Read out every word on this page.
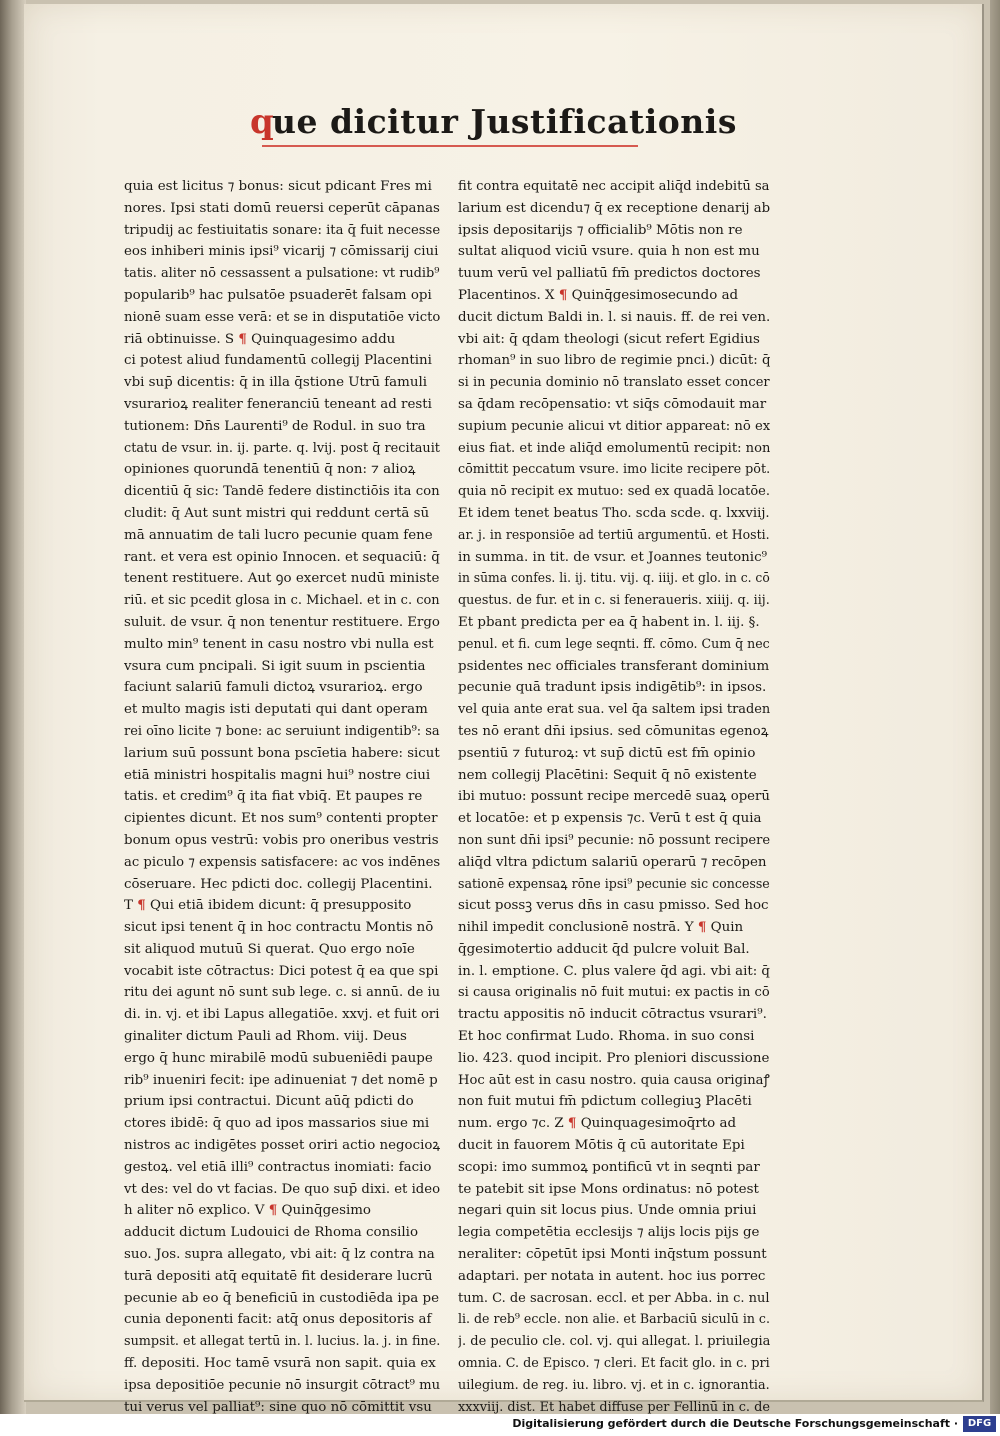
q
ue dicitur Justificationis
quia est licitus ⁊ bonus: sicut pdicant Fres mi
nores. Ipsi stati domū reuersi ceperūt cāpanas
tripudij ac festiuitatis sonare: ita q̄ fuit necesse
eos inhiberi minis ipsi⁹ vicarij ⁊ cōmissarij ciui
tatis. aliter nō cessassent a pulsatione: vt rudib⁹
popularib⁹ hac pulsatōe psuaderēt falsam opi
nionē suam esse verā: et se in disputatiōe victo
riā obtinuisse. S ¶ Quinquagesimo addu
ci potest aliud fundamentū collegij Placentini
vbi sup̄ dicentis: q̄ in illa q̄stione Utrū famuli
vsurarioꝝ realiter feneranciū teneant ad resti
tutionem: Dn̄s Laurenti⁹ de Rodul. in suo tra
ctatu de vsur. in. ij. parte. q. lvij. post q̄ recitauit
opiniones quorundā tenentiū q̄ non: ⁊ alioꝝ
dicentiū q̄ sic: Tandē federe distinctiōis ita con
cludit: q̄ Aut sunt mistri qui reddunt certā sū
mā annuatim de tali lucro pecunie quam fene
rant. et vera est opinio Innocen. et sequaciū: q̄
tenent restituere. Aut ꝯo exercet nudū ministe
riū. et sic pcedit glosa in c. Michael. et in c. con
suluit. de vsur. q̄ non tenentur restituere. Ergo
multo min⁹ tenent in casu nostro vbi nulla est
vsura cum pncipali. Si igit suum in pscientia
faciunt salariū famuli dictoꝝ vsurarioꝝ. ergo
et multo magis isti deputati qui dant operam
rei oīno licite ⁊ bone: ac seruiunt indigentib⁹: sa
larium suū possunt bona pscīetia habere: sicut
etiā ministri hospitalis magni hui⁹ nostre ciui
tatis. et credim⁹ q̄ ita fiat vbiq̄. Et paupes re
cipientes dicunt. Et nos sum⁹ contenti propter
bonum opus vestrū: vobis pro oneribus vestris
ac piculo ⁊ expensis satisfacere: ac vos indēnes
cōseruare. Hec pdicti doc. collegij Placentini.
T ¶ Qui etiā ibidem dicunt: q̄ presupposito
sicut ipsi tenent q̄ in hoc contractu Montis nō
sit aliquod mutuū Si querat. Quo ergo noīe
vocabit iste cōtractus: Dici potest q̄ ea que spi
ritu dei agunt nō sunt sub lege. c. si annū. de iu
di. in. vj. et ibi Lapus allegatiōe. xxvj. et fuit ori
ginaliter dictum Pauli ad Rhom. viij. Deus
ergo q̄ hunc mirabilē modū subueniēdi paupe
rib⁹ inueniri fecit: ipe adinueniat ⁊ det nomē p
prium ipsi contractui. Dicunt aūq̄ pdicti do
ctores ibidē: q̄ quo ad ipos massarios siue mi
nistros ac indigētes posset oriri actio negocioꝝ
gestoꝝ. vel etiā illi⁹ contractus inomiati: facio
vt des: vel do vt facias. De quo sup̄ dixi. et ideo
h aliter nō explico. V ¶ Quinq̄gesimo
adducit dictum Ludouici de Rhoma consilio
suo. Jos. supra allegato, vbi ait: q̄ lz contra na
turā depositi atq̄ equitatē fit desiderare lucrū
pecunie ab eo q̄ beneficiū in custodiēda ipa pe
cunia deponenti facit: atq̄ onus depositoris af
sumpsit. et allegat tertū in. l. lucius. la. j. in fine.
ff. depositi. Hoc tamē vsurā non sapit. quia ex
ipsa depositiōe pecunie nō insurgit cōtract⁹ mu
tui verus vel palliat⁹: sine quo nō cōmittit vsu
fit contra equitatē nec accipit aliq̄d indebitū sa
larium est dicendu⁊ q̄ ex receptione denarij ab
ipsis depositarijs ⁊ officialib⁹ Mōtis non re
sultat aliquod viciū vsure. quia h non est mu
tuum verū vel palliatū fm̄ predictos doctores
Placentinos. X ¶ Quinq̄gesimosecundo ad
ducit dictum Baldi in. l. si nauis. ff. de rei ven.
vbi ait: q̄ qdam theologi (sicut refert Egidius
rhoman⁹ in suo libro de regimie pnci.) dicūt: q̄
si in pecunia dominio nō translato esset concer
sa q̄dam recōpensatio: vt siq̄s cōmodauit mar
supium pecunie alicui vt ditior appareat: nō ex
eius fiat. et inde aliq̄d emolumentū recipit: non
cōmittit peccatum vsure. imo licite recipere pōt.
quia nō recipit ex mutuo: sed ex quadā locatōe.
Et idem tenet beatus Tho. scda scde. q. lxxviij.
ar. j. in responsiōe ad tertiū argumentū. et Hosti.
in summa. in tit. de vsur. et Joannes teutonic⁹
in sūma confes. li. ij. titu. vij. q. iiij. et glo. in c. cō
questus. de fur. et in c. si feneraueris. xiiij. q. iij.
Et pbant predicta per ea q̄ habent in. l. iij. §.
penul. et fi. cum lege seqnti. ff. cōmo. Cum q̄ nec
psidentes nec officiales transferant dominium
pecunie quā tradunt ipsis indigētib⁹: in ipsos.
vel quia ante erat sua. vel q̄a saltem ipsi traden
tes nō erant dn̄i ipsius. sed cōmunitas egenoꝝ
psentiū ⁊ futuroꝝ: vt sup̄ dictū est fm̄ opinio
nem collegij Placētini: Sequit q̄ nō existente
ibi mutuo: possunt recipe mercedē suaꝝ operū
et locatōe: et p expensis ⁊c. Verū t est q̄ quia
non sunt dn̄i ipsi⁹ pecunie: nō possunt recipere
aliq̄d vltra pdictum salariū operarū ⁊ recōpen
sationē expensaꝝ rōne ipsi⁹ pecunie sic concesse
sicut possꝫ verus dn̄s in casu pmisso. Sed hoc
nihil impedit conclusionē nostrā. Y ¶ Quin
q̄gesimotertio adducit q̄d pulcre voluit Bal.
in. l. emptione. C. plus valere q̄d agi. vbi ait: q̄
si causa originalis nō fuit mutui: ex pactis in cō
tractu appositis nō inducit cōtractus vsurari⁹.
Et hoc confirmat Ludo. Rhoma. in suo consi
lio. 423. quod incipit. Pro pleniori discussione
Hoc aūt est in casu nostro. quia causa originaꝭ
non fuit mutui fm̄ pdictum collegiuꝫ Placēti
num. ergo ⁊c. Z ¶ Quinquagesimoq̄rto ad
ducit in fauorem Mōtis q̄ cū autoritate Epi
scopi: imo summoꝝ pontificū vt in seqnti par
te patebit sit ipse Mons ordinatus: nō potest
negari quin sit locus pius. Unde omnia priui
legia competētia ecclesijs ⁊ alijs locis pijs ge
neraliter: cōpetūt ipsi Monti inq̄stum possunt
adaptari. per notata in autent. hoc ius porrec
tum. C. de sacrosan. eccl. et per Abba. in c. nul
li. de reb⁹ eccle. non alie. et Barbaciū siculū in c.
j. de peculio cle. col. vj. qui allegat. l. priuilegia
omnia. C. de Episco. ⁊ cleri. Et facit glo. in c. pri
uilegium. de reg. iu. libro. vj. et in c. ignorantia.
xxxviij. dist. Et habet diffuse per Fellinū in c. de
Digitalisierung gefördert durch die Deutsche Forschungsgemeinschaft · DFG
